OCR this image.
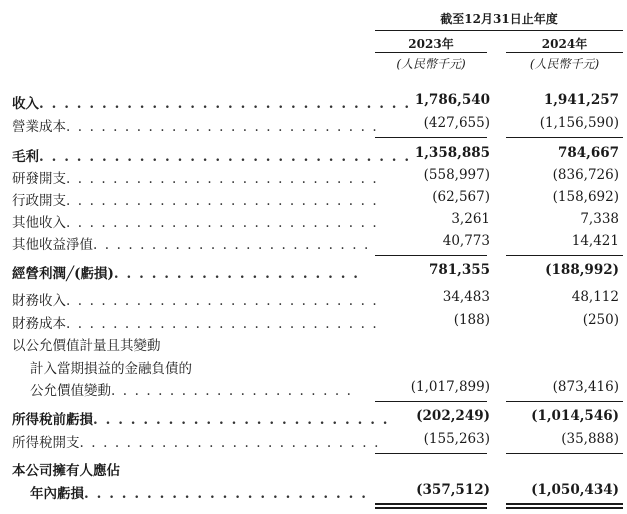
截至12月31日止年度
2023年	2024年
(人民幣千元)	(人民幣千元)
收入. . . . . . . . . . . . . . . . . . . . . . . . . . . . . . 1,786,540	1,941,257
營業成本. . . . . . . . . . . . . . . . . . . . . . . . . . .	(427,655)	(1,156,590)
毛利. . . . . . . . . . . . . . . . . . . . . . . . . . . . . . 1,358,885	784,667
研發開支. . . . . . . . . . . . . . . . . . . . . . . . . . .	(558,997)	(836,726)
行政開支. . . . . . . . . . . . . . . . . . . . . . . . . . .	(62,567)	(158,692)
其他收入. . . . . . . . . . . . . . . . . . . . . . . . . . .	3,261	7,338
其他收益淨值. . . . . . . . . . . . . . . . . . . . . . . .	40,773	14,421
經營利潤╱(虧損). . . . . . . . . . . . . . . . . . . .	781,355	(188,992)
財務收入. . . . . . . . . . . . . . . . . . . . . . . . . . .	34,483	48,112
財務成本. . . . . . . . . . . . . . . . . . . . . . . . . . .	(188)	(250)
以公允價值計量且其變動
計入當期損益的金融負債的
公允價值變動. . . . . . . . . . . . . . . . . . . . .	(1,017,899)	(873,416)
所得稅前虧損. . . . . . . . . . . . . . . . . . . . . . . . (202,249)	(1,014,546)
所得稅開支. . . . . . . . . . . . . . . . . . . . . . . . . .	(155,263)	(35,888)
本公司擁有人應佔
年內虧損. . . . . . . . . . . . . . . . . . . . . . .	(357,512)	(1,050,434)
